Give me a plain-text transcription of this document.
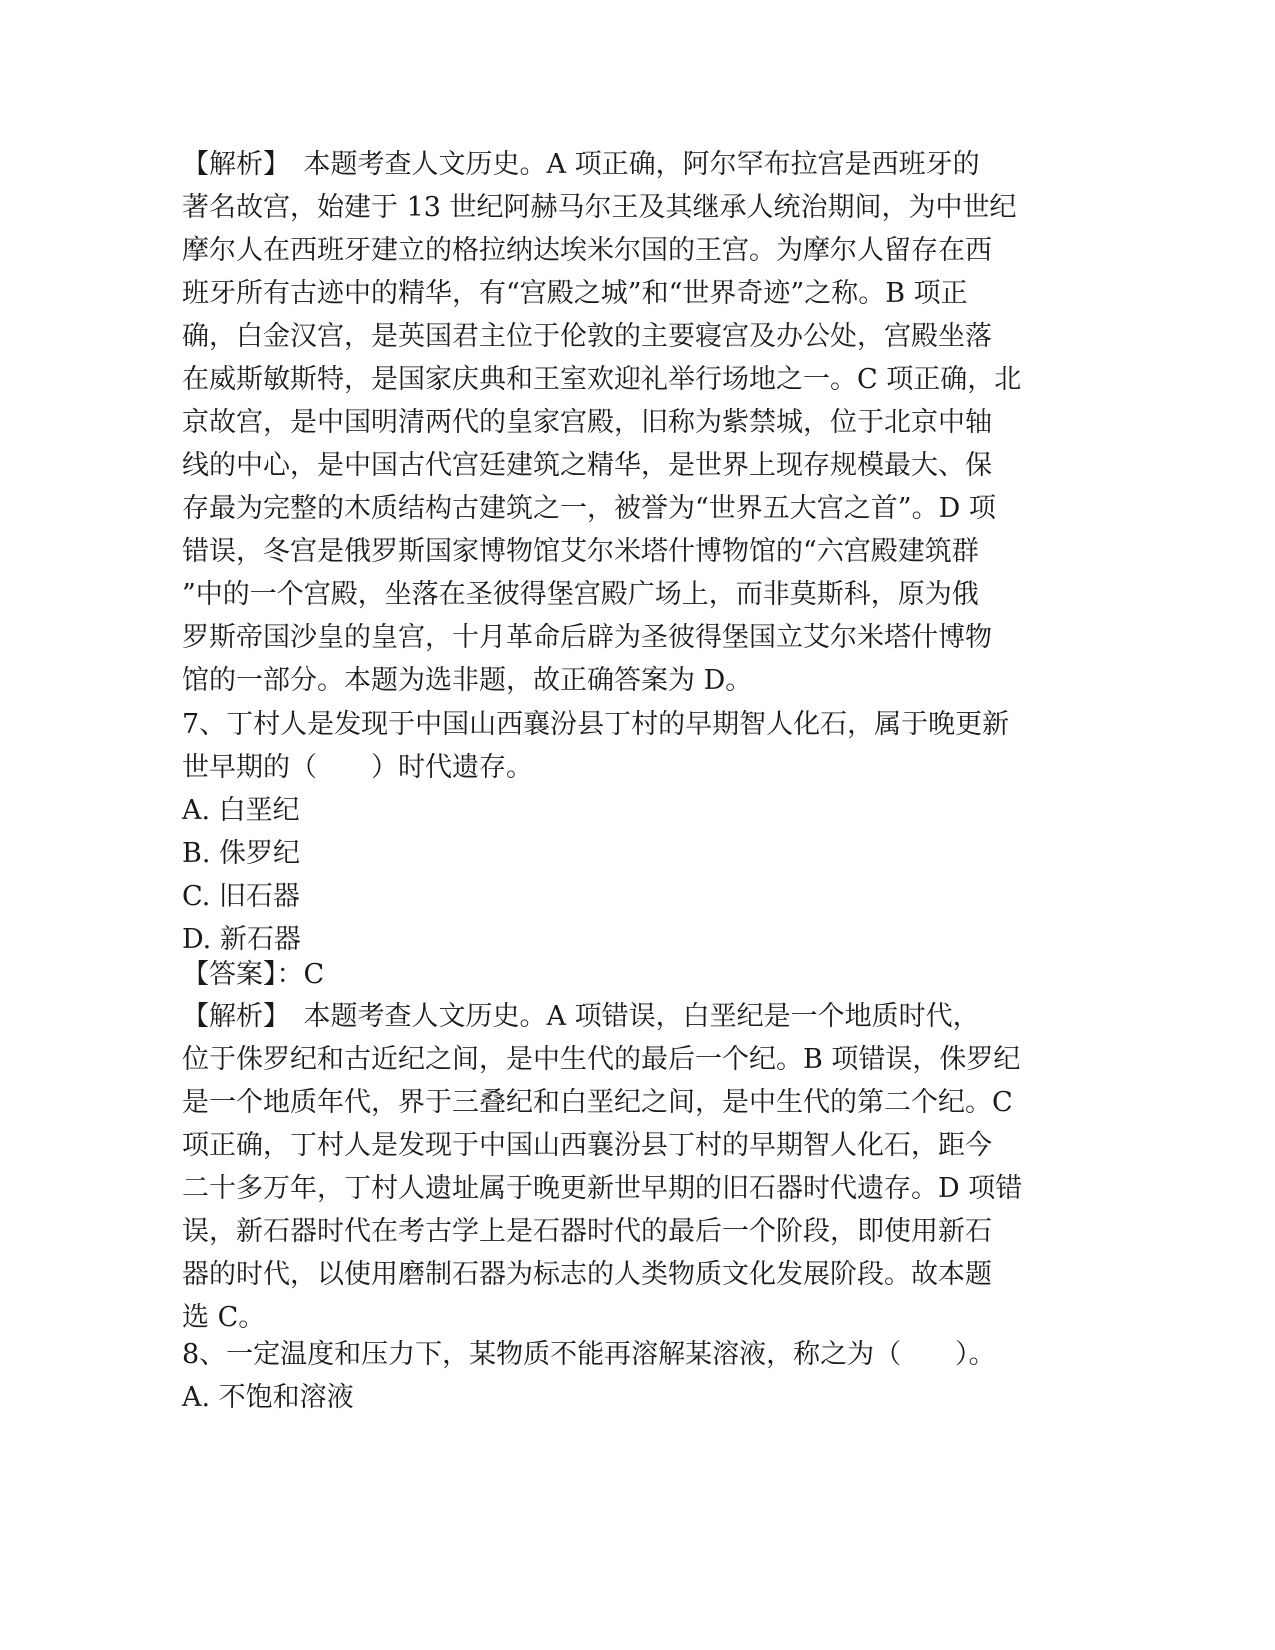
【解析】　本题考查人文历史。A 项正确，阿尔罕布拉宫是西班牙的
著名故宫，始建于 13 世纪阿赫马尔王及其继承人统治期间，为中世纪
摩尔人在西班牙建立的格拉纳达埃米尔国的王宫。为摩尔人留存在西
班牙所有古迹中的精华，有“宫殿之城”和“世界奇迹”之称。B 项正
确，白金汉宫，是英国君主位于伦敦的主要寝宫及办公处，宫殿坐落
在威斯敏斯特，是国家庆典和王室欢迎礼举行场地之一。C 项正确，北
京故宫，是中国明清两代的皇家宫殿，旧称为紫禁城，位于北京中轴
线的中心，是中国古代宫廷建筑之精华，是世界上现存规模最大、保
存最为完整的木质结构古建筑之一，被誉为“世界五大宫之首”。D 项
错误，冬宫是俄罗斯国家博物馆艾尔米塔什博物馆的“六宫殿建筑群
”中的一个宫殿，坐落在圣彼得堡宫殿广场上，而非莫斯科，原为俄
罗斯帝国沙皇的皇宫，十月革命后辟为圣彼得堡国立艾尔米塔什博物
馆的一部分。本题为选非题，故正确答案为 D。
7、丁村人是发现于中国山西襄汾县丁村的早期智人化石，属于晚更新
世早期的（　　）时代遗存。
A. 白垩纪
B. 侏罗纪
C. 旧石器
D. 新石器
【答案】：C
【解析】　本题考查人文历史。A 项错误，白垩纪是一个地质时代，
位于侏罗纪和古近纪之间，是中生代的最后一个纪。B 项错误，侏罗纪
是一个地质年代，界于三叠纪和白垩纪之间，是中生代的第二个纪。C
项正确，丁村人是发现于中国山西襄汾县丁村的早期智人化石，距今
二十多万年，丁村人遗址属于晚更新世早期的旧石器时代遗存。D 项错
误，新石器时代在考古学上是石器时代的最后一个阶段，即使用新石
器的时代，以使用磨制石器为标志的人类物质文化发展阶段。故本题
选 C。
8、一定温度和压力下，某物质不能再溶解某溶液，称之为（　　）。
A. 不饱和溶液
